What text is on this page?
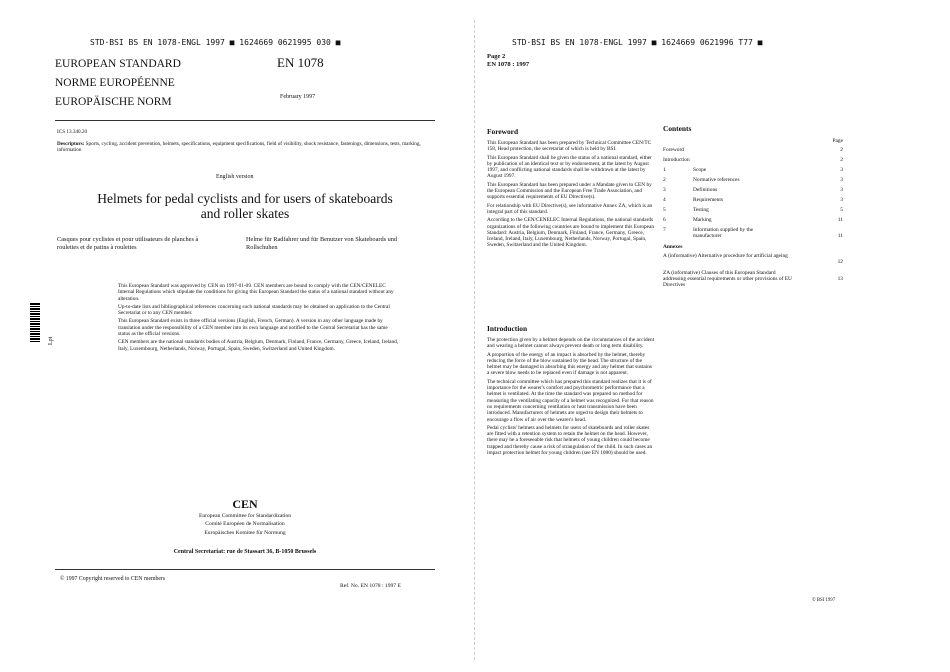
STD·BSI BS EN 1078-ENGL 1997 ■ 1624669 0621995 030 ■
EUROPEAN STANDARD
NORME EUROPÉENNE
EUROPÄISCHE NORM
EN 1078
February 1997
ICS 13.340.20
Descriptors: Sports, cycling, accident prevention, helmets, specifications, equipment specifications, field of visibility, shock resistance, fastenings, dimensions, tests, marking, information
English version
Helmets for pedal cyclists and for users of skateboards and roller skates
Casques pour cyclistes et pour utilisateurs de planches à roulettes et de patins à roulettes
Helme für Radfahrer und für Benutzer von Skateboards und Rollschuhen

This European Standard was approved by CEN on 1997-01-09. CEN members are bound to comply with the CEN/CENELEC Internal Regulations which stipulate the conditions for giving this European Standard the status of a national standard without any alteration.

Up-to-date lists and bibliographical references concerning such national standards may be obtained on application to the Central Secretariat or to any CEN member.

This European Standard exists in three official versions (English, French, German). A version in any other language made by translation under the responsibility of a CEN member into its own language and notified to the Central Secretariat has the same status as the official versions.

CEN members are the national standards bodies of Austria, Belgium, Denmark, Finland, France, Germany, Greece, Iceland, Ireland, Italy, Luxembourg, Netherlands, Norway, Portugal, Spain, Sweden, Switzerland and United Kingdom.

Lpt
CEN
European Committee for Standardization
Comité Européen de Normalisation
Europäisches Komitee für Normung
Central Secretariat: rue de Stassart 36, B-1050 Brussels
© 1997 Copyright reserved to CEN members
Ref. No. EN 1078 : 1997 E
STD·BSI BS EN 1078-ENGL 1997 ■ 1624669 0621996 T77 ■
Page 2
EN 1078 : 1997
Foreword

This European Standard has been prepared by Technical Committee CEN/TC 158, Head protection, the secretariat of which is held by BSI.

This European Standard shall be given the status of a national standard, either by publication of an identical text or by endorsement, at the latest by August 1997, and conflicting national standards shall be withdrawn at the latest by August 1997.

This European Standard has been prepared under a Mandate given to CEN by the European Commission and the European Free Trade Association, and supports essential requirements of EU Directive(s).

For relationship with EU Directive(s), see informative Annex ZA, which is an integral part of this standard.

According to the CEN/CENELEC Internal Regulations, the national standards organizations of the following countries are bound to implement this European Standard: Austria, Belgium, Denmark, Finland, France, Germany, Greece, Iceland, Ireland, Italy, Luxembourg, Netherlands, Norway, Portugal, Spain, Sweden, Switzerland and the United Kingdom.

Introduction

The protection given by a helmet depends on the circumstances of the accident and wearing a helmet cannot always prevent death or long term disability.

A proportion of the energy of an impact is absorbed by the helmet, thereby reducing the force of the blow sustained by the head. The structure of the helmet may be damaged in absorbing this energy and any helmet that sustains a severe blow needs to be replaced even if damage is not apparent.

The technical committee which has prepared this standard realizes that it is of importance for the wearer's comfort and psychrometric performance that a helmet is ventilated. At the time the standard was prepared no method for measuring the ventilating capacity of a helmet was recognized. For that reason no requirements concerning ventilation or heat transmission have been introduced. Manufacturers of helmets are urged to design their helmets to encourage a flow of air over the wearer's head.

Pedal cyclists' helmets and helmets for users of skateboards and roller skates are fitted with a retention system to retain the helmet on the head. However, there may be a foreseeable risk that helmets of young children could become trapped and thereby cause a risk of strangulation of the child. In such cases an impact protection helmet for young children (see EN 1080) should be used.

Contents
Page
Foreword	2
Introduction	2
1	Scope	3
2	Normative references	3
3	Definitions	3
4	Requirements	3
5	Testing	5
6	Marking	11
7	Information supplied by the manufacturer	11
Annexes
A (informative) Alternative procedure for artificial ageing
12
ZA (informative) Clauses of this European Standard addressing essential requirements or other provisions of EU Directives
13
© BSI 1997
